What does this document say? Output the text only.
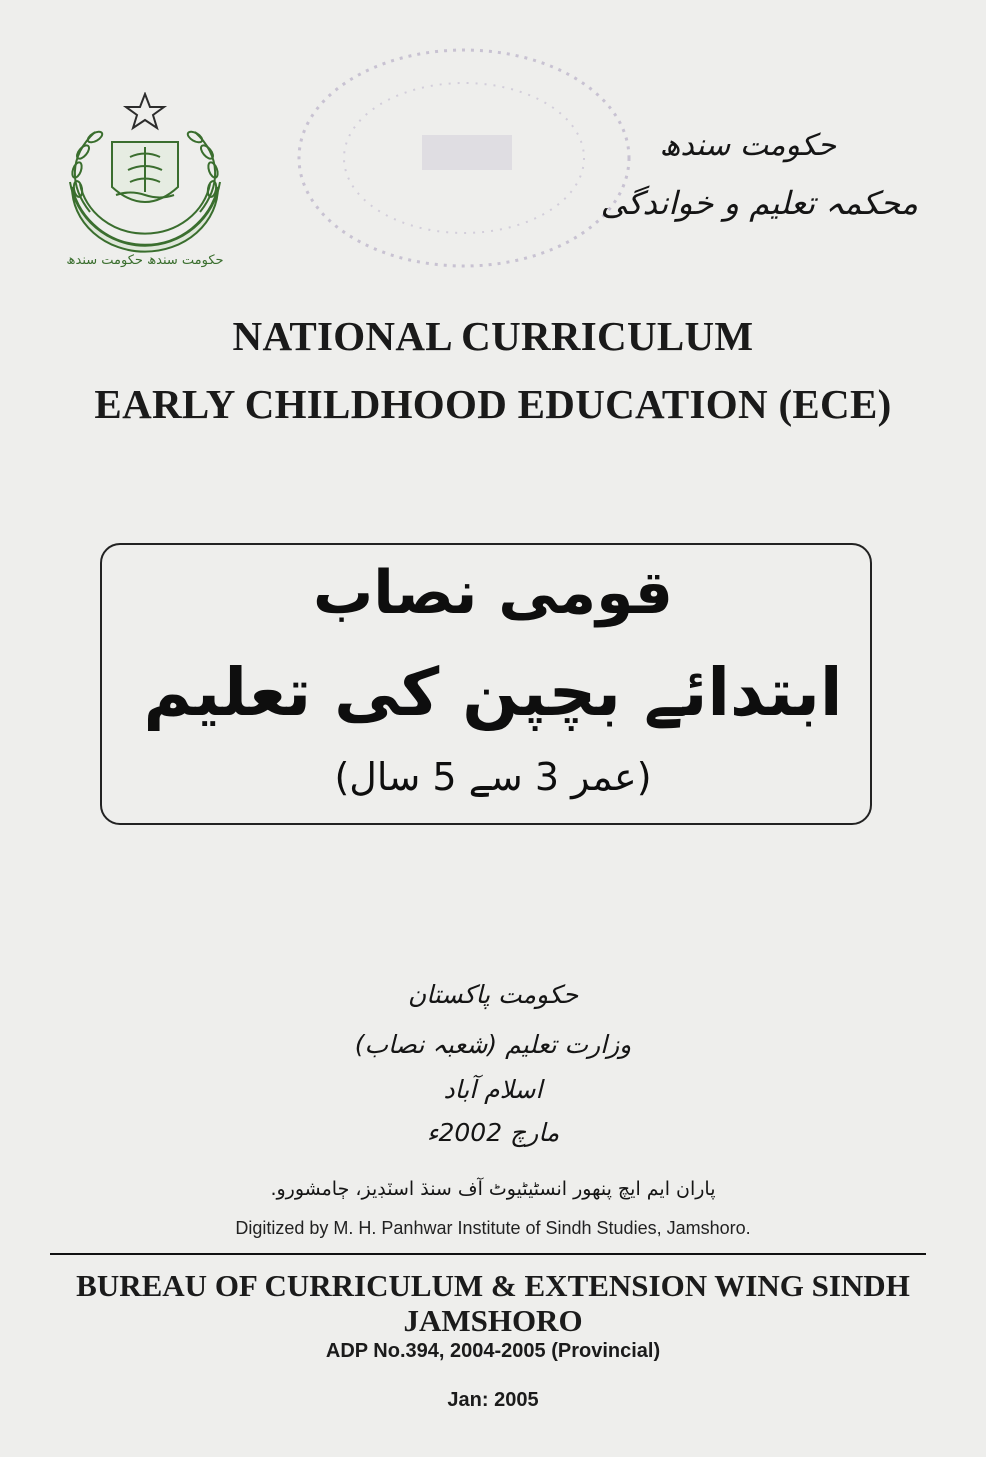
حکومت سندھ حکومت سندھ
حکومت سندھ
محکمہ تعلیم و خواندگی
NATIONAL CURRICULUM
EARLY CHILDHOOD EDUCATION (ECE)
قومی نصاب
ابتدائے بچپن کی تعلیم
(عمر 3 سے 5 سال)
حکومت پاکستان
وزارت تعلیم (شعبہ نصاب)
اسلام آباد
مارچ 2002ء
پاران ایم ایچ پنھور انسٹیٹیوٹ آف سنڌ اسٽڊيز، ڄامشورو.
Digitized by M. H. Panhwar Institute of Sindh Studies, Jamshoro.
BUREAU OF CURRICULUM & EXTENSION WING SINDH
JAMSHORO
ADP No.394, 2004-2005 (Provincial)
Jan: 2005
